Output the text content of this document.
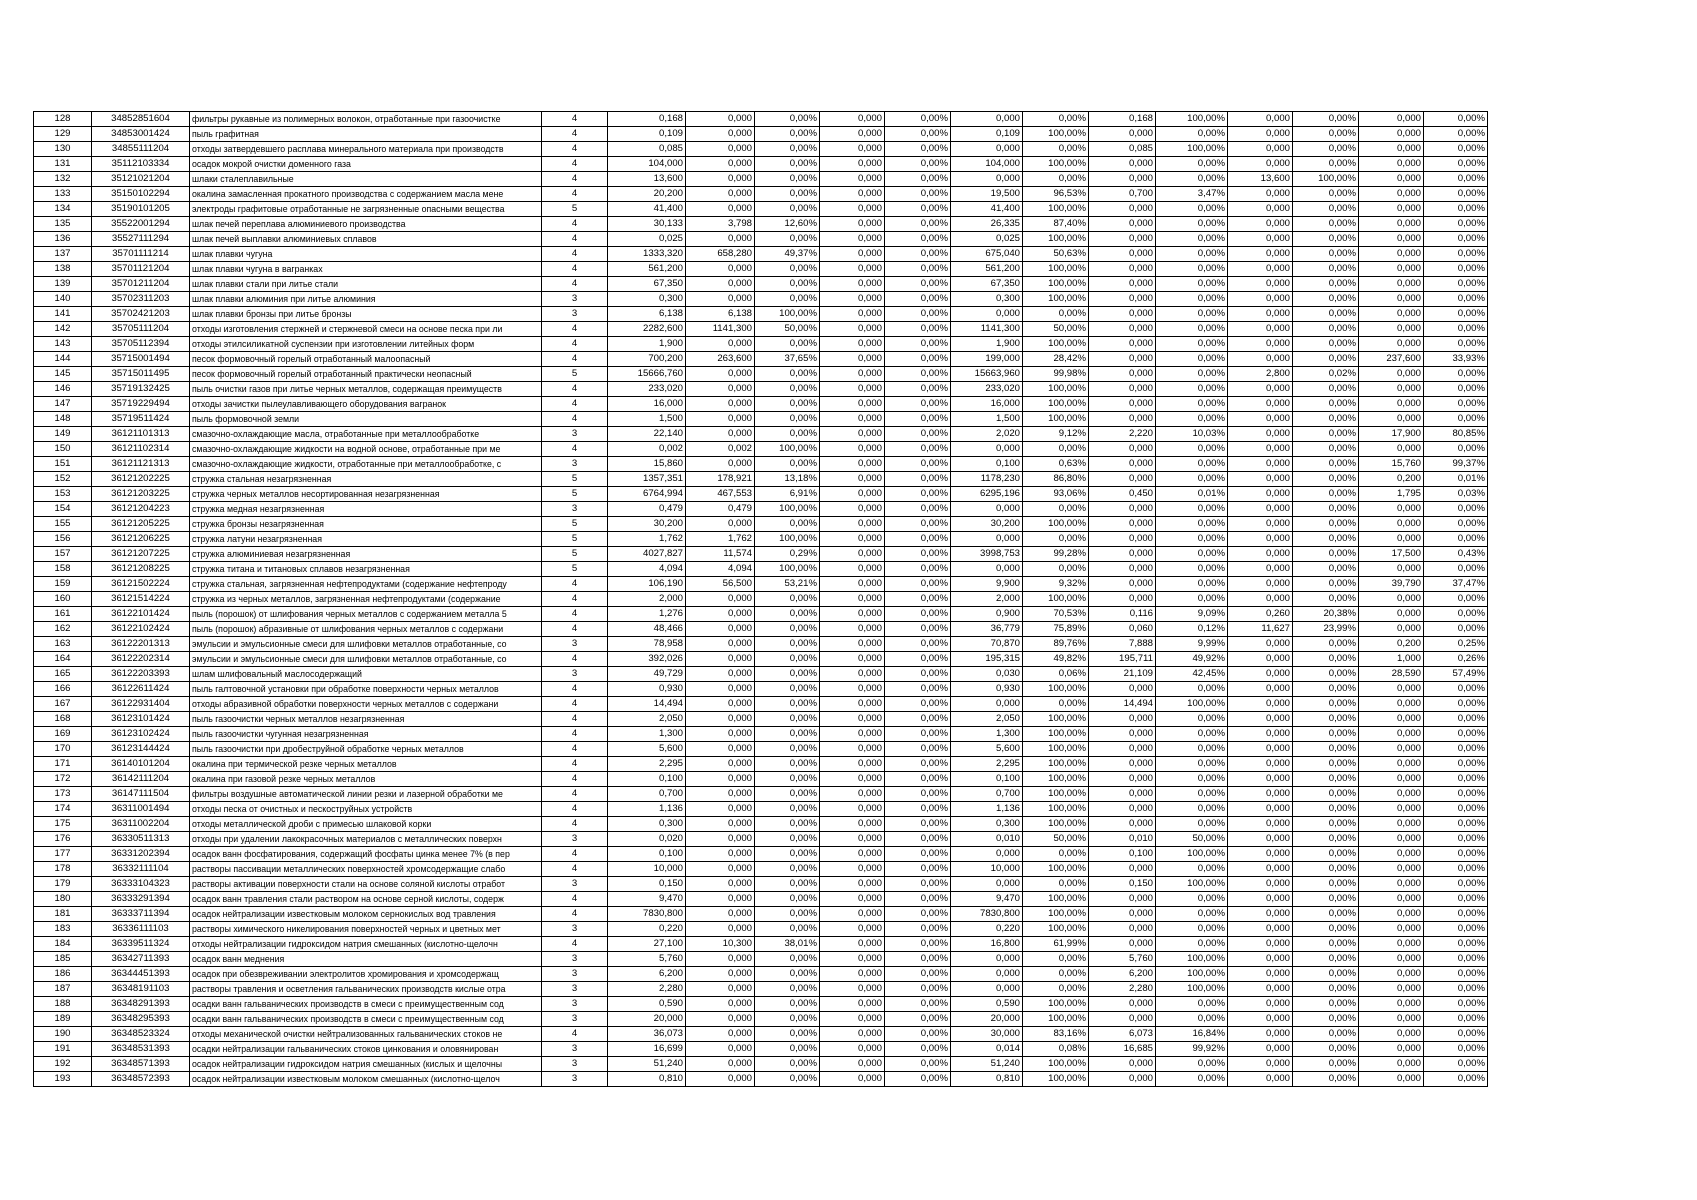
128	34852851604	фильтры рукавные из полимерных волокон, отработанные при газоочистке	4	0,168	0,000	0,00%	0,000	0,00%	0,000	0,00%	0,168	100,00%	0,000	0,00%	0,000	0,00%
129	34853001424	пыль графитная	4	0,109	0,000	0,00%	0,000	0,00%	0,109	100,00%	0,000	0,00%	0,000	0,00%	0,000	0,00%
130	34855111204	отходы затвердевшего расплава минерального материала при производств	4	0,085	0,000	0,00%	0,000	0,00%	0,000	0,00%	0,085	100,00%	0,000	0,00%	0,000	0,00%
131	35112103334	осадок мокрой очистки доменного газа	4	104,000	0,000	0,00%	0,000	0,00%	104,000	100,00%	0,000	0,00%	0,000	0,00%	0,000	0,00%
132	35121021204	шлаки сталеплавильные	4	13,600	0,000	0,00%	0,000	0,00%	0,000	0,00%	0,000	0,00%	13,600	100,00%	0,000	0,00%
133	35150102294	окалина замасленная прокатного производства с содержанием масла мене	4	20,200	0,000	0,00%	0,000	0,00%	19,500	96,53%	0,700	3,47%	0,000	0,00%	0,000	0,00%
134	35190101205	электроды графитовые отработанные не загрязненные опасными вещества	5	41,400	0,000	0,00%	0,000	0,00%	41,400	100,00%	0,000	0,00%	0,000	0,00%	0,000	0,00%
135	35522001294	шлак печей переплава алюминиевого производства	4	30,133	3,798	12,60%	0,000	0,00%	26,335	87,40%	0,000	0,00%	0,000	0,00%	0,000	0,00%
136	35527111294	шлак печей выплавки алюминиевых сплавов	4	0,025	0,000	0,00%	0,000	0,00%	0,025	100,00%	0,000	0,00%	0,000	0,00%	0,000	0,00%
137	35701111214	шлак плавки чугуна	4	1333,320	658,280	49,37%	0,000	0,00%	675,040	50,63%	0,000	0,00%	0,000	0,00%	0,000	0,00%
138	35701121204	шлак плавки чугуна в вагранках	4	561,200	0,000	0,00%	0,000	0,00%	561,200	100,00%	0,000	0,00%	0,000	0,00%	0,000	0,00%
139	35701211204	шлак плавки стали при литье стали	4	67,350	0,000	0,00%	0,000	0,00%	67,350	100,00%	0,000	0,00%	0,000	0,00%	0,000	0,00%
140	35702311203	шлак плавки алюминия при литье алюминия	3	0,300	0,000	0,00%	0,000	0,00%	0,300	100,00%	0,000	0,00%	0,000	0,00%	0,000	0,00%
141	35702421203	шлак плавки бронзы при литье бронзы	3	6,138	6,138	100,00%	0,000	0,00%	0,000	0,00%	0,000	0,00%	0,000	0,00%	0,000	0,00%
142	35705111204	отходы изготовления стержней и стержневой смеси на основе песка при ли	4	2282,600	1141,300	50,00%	0,000	0,00%	1141,300	50,00%	0,000	0,00%	0,000	0,00%	0,000	0,00%
143	35705112394	отходы этилсиликатной суспензии при изготовлении литейных форм	4	1,900	0,000	0,00%	0,000	0,00%	1,900	100,00%	0,000	0,00%	0,000	0,00%	0,000	0,00%
144	35715001494	песок формовочный горелый отработанный малоопасный	4	700,200	263,600	37,65%	0,000	0,00%	199,000	28,42%	0,000	0,00%	0,000	0,00%	237,600	33,93%
145	35715011495	песок формовочный горелый отработанный практически неопасный	5	15666,760	0,000	0,00%	0,000	0,00%	15663,960	99,98%	0,000	0,00%	2,800	0,02%	0,000	0,00%
146	35719132425	пыль очистки газов при литье черных металлов, содержащая преимуществ	4	233,020	0,000	0,00%	0,000	0,00%	233,020	100,00%	0,000	0,00%	0,000	0,00%	0,000	0,00%
147	35719229494	отходы зачистки пылеулавливающего оборудования вагранок	4	16,000	0,000	0,00%	0,000	0,00%	16,000	100,00%	0,000	0,00%	0,000	0,00%	0,000	0,00%
148	35719511424	пыль формовочной земли	4	1,500	0,000	0,00%	0,000	0,00%	1,500	100,00%	0,000	0,00%	0,000	0,00%	0,000	0,00%
149	36121101313	смазочно-охлаждающие масла, отработанные при металлообработке	3	22,140	0,000	0,00%	0,000	0,00%	2,020	9,12%	2,220	10,03%	0,000	0,00%	17,900	80,85%
150	36121102314	смазочно-охлаждающие жидкости на водной основе, отработанные при ме	4	0,002	0,002	100,00%	0,000	0,00%	0,000	0,00%	0,000	0,00%	0,000	0,00%	0,000	0,00%
151	36121121313	смазочно-охлаждающие жидкости, отработанные при металлообработке, с	3	15,860	0,000	0,00%	0,000	0,00%	0,100	0,63%	0,000	0,00%	0,000	0,00%	15,760	99,37%
152	36121202225	стружка стальная незагрязненная	5	1357,351	178,921	13,18%	0,000	0,00%	1178,230	86,80%	0,000	0,00%	0,000	0,00%	0,200	0,01%
153	36121203225	стружка черных металлов несортированная незагрязненная	5	6764,994	467,553	6,91%	0,000	0,00%	6295,196	93,06%	0,450	0,01%	0,000	0,00%	1,795	0,03%
154	36121204223	стружка медная незагрязненная	3	0,479	0,479	100,00%	0,000	0,00%	0,000	0,00%	0,000	0,00%	0,000	0,00%	0,000	0,00%
155	36121205225	стружка бронзы незагрязненная	5	30,200	0,000	0,00%	0,000	0,00%	30,200	100,00%	0,000	0,00%	0,000	0,00%	0,000	0,00%
156	36121206225	стружка латуни незагрязненная	5	1,762	1,762	100,00%	0,000	0,00%	0,000	0,00%	0,000	0,00%	0,000	0,00%	0,000	0,00%
157	36121207225	стружка алюминиевая незагрязненная	5	4027,827	11,574	0,29%	0,000	0,00%	3998,753	99,28%	0,000	0,00%	0,000	0,00%	17,500	0,43%
158	36121208225	стружка титана и титановых сплавов незагрязненная	5	4,094	4,094	100,00%	0,000	0,00%	0,000	0,00%	0,000	0,00%	0,000	0,00%	0,000	0,00%
159	36121502224	стружка стальная, загрязненная нефтепродуктами (содержание нефтепроду	4	106,190	56,500	53,21%	0,000	0,00%	9,900	9,32%	0,000	0,00%	0,000	0,00%	39,790	37,47%
160	36121514224	стружка из черных металлов, загрязненная нефтепродуктами (содержание	4	2,000	0,000	0,00%	0,000	0,00%	2,000	100,00%	0,000	0,00%	0,000	0,00%	0,000	0,00%
161	36122101424	пыль (порошок) от шлифования черных металлов с содержанием металла 5	4	1,276	0,000	0,00%	0,000	0,00%	0,900	70,53%	0,116	9,09%	0,260	20,38%	0,000	0,00%
162	36122102424	пыль (порошок) абразивные от шлифования черных металлов с содержани	4	48,466	0,000	0,00%	0,000	0,00%	36,779	75,89%	0,060	0,12%	11,627	23,99%	0,000	0,00%
163	36122201313	эмульсии и эмульсионные смеси для шлифовки металлов отработанные, со	3	78,958	0,000	0,00%	0,000	0,00%	70,870	89,76%	7,888	9,99%	0,000	0,00%	0,200	0,25%
164	36122202314	эмульсии и эмульсионные смеси для шлифовки металлов отработанные, со	4	392,026	0,000	0,00%	0,000	0,00%	195,315	49,82%	195,711	49,92%	0,000	0,00%	1,000	0,26%
165	36122203393	шлам шлифовальный маслосодержащий	3	49,729	0,000	0,00%	0,000	0,00%	0,030	0,06%	21,109	42,45%	0,000	0,00%	28,590	57,49%
166	36122611424	пыль галтовочной установки при обработке поверхности черных металлов	4	0,930	0,000	0,00%	0,000	0,00%	0,930	100,00%	0,000	0,00%	0,000	0,00%	0,000	0,00%
167	36122931404	отходы абразивной обработки поверхности черных металлов с содержани	4	14,494	0,000	0,00%	0,000	0,00%	0,000	0,00%	14,494	100,00%	0,000	0,00%	0,000	0,00%
168	36123101424	пыль газоочистки черных металлов незагрязненная	4	2,050	0,000	0,00%	0,000	0,00%	2,050	100,00%	0,000	0,00%	0,000	0,00%	0,000	0,00%
169	36123102424	пыль газоочистки чугунная незагрязненная	4	1,300	0,000	0,00%	0,000	0,00%	1,300	100,00%	0,000	0,00%	0,000	0,00%	0,000	0,00%
170	36123144424	пыль газоочистки при дробеструйной обработке черных металлов	4	5,600	0,000	0,00%	0,000	0,00%	5,600	100,00%	0,000	0,00%	0,000	0,00%	0,000	0,00%
171	36140101204	окалина при термической резке черных металлов	4	2,295	0,000	0,00%	0,000	0,00%	2,295	100,00%	0,000	0,00%	0,000	0,00%	0,000	0,00%
172	36142111204	окалина при газовой резке черных металлов	4	0,100	0,000	0,00%	0,000	0,00%	0,100	100,00%	0,000	0,00%	0,000	0,00%	0,000	0,00%
173	36147111504	фильтры воздушные автоматической линии резки и лазерной обработки ме	4	0,700	0,000	0,00%	0,000	0,00%	0,700	100,00%	0,000	0,00%	0,000	0,00%	0,000	0,00%
174	36311001494	отходы песка от очистных и пескоструйных устройств	4	1,136	0,000	0,00%	0,000	0,00%	1,136	100,00%	0,000	0,00%	0,000	0,00%	0,000	0,00%
175	36311002204	отходы металлической дроби с примесью шлаковой корки	4	0,300	0,000	0,00%	0,000	0,00%	0,300	100,00%	0,000	0,00%	0,000	0,00%	0,000	0,00%
176	36330511313	отходы при удалении лакокрасочных материалов с металлических поверхн	3	0,020	0,000	0,00%	0,000	0,00%	0,010	50,00%	0,010	50,00%	0,000	0,00%	0,000	0,00%
177	36331202394	осадок ванн фосфатирования, содержащий фосфаты цинка менее 7% (в пер	4	0,100	0,000	0,00%	0,000	0,00%	0,000	0,00%	0,100	100,00%	0,000	0,00%	0,000	0,00%
178	36332111104	растворы пассивации металлических поверхностей хромсодержащие слабо	4	10,000	0,000	0,00%	0,000	0,00%	10,000	100,00%	0,000	0,00%	0,000	0,00%	0,000	0,00%
179	36333104323	растворы активации поверхности стали на основе соляной кислоты отработ	3	0,150	0,000	0,00%	0,000	0,00%	0,000	0,00%	0,150	100,00%	0,000	0,00%	0,000	0,00%
180	36333291394	осадок ванн травления стали раствором на основе серной кислоты, содерж	4	9,470	0,000	0,00%	0,000	0,00%	9,470	100,00%	0,000	0,00%	0,000	0,00%	0,000	0,00%
181	36333711394	осадок нейтрализации известковым молоком сернокислых вод травления	4	7830,800	0,000	0,00%	0,000	0,00%	7830,800	100,00%	0,000	0,00%	0,000	0,00%	0,000	0,00%
183	36336111103	растворы химического никелирования поверхностей черных и цветных мет	3	0,220	0,000	0,00%	0,000	0,00%	0,220	100,00%	0,000	0,00%	0,000	0,00%	0,000	0,00%
184	36339511324	отходы нейтрализации гидроксидом натрия смешанных (кислотно-щелочн	4	27,100	10,300	38,01%	0,000	0,00%	16,800	61,99%	0,000	0,00%	0,000	0,00%	0,000	0,00%
185	36342711393	осадок ванн меднения	3	5,760	0,000	0,00%	0,000	0,00%	0,000	0,00%	5,760	100,00%	0,000	0,00%	0,000	0,00%
186	36344451393	осадок при обезвреживании электролитов хромирования и хромсодержащ	3	6,200	0,000	0,00%	0,000	0,00%	0,000	0,00%	6,200	100,00%	0,000	0,00%	0,000	0,00%
187	36348191103	растворы травления и осветления гальванических производств кислые отра	3	2,280	0,000	0,00%	0,000	0,00%	0,000	0,00%	2,280	100,00%	0,000	0,00%	0,000	0,00%
188	36348291393	осадки ванн гальванических производств в смеси с преимущественным сод	3	0,590	0,000	0,00%	0,000	0,00%	0,590	100,00%	0,000	0,00%	0,000	0,00%	0,000	0,00%
189	36348295393	осадки ванн гальванических производств в смеси с преимущественным сод	3	20,000	0,000	0,00%	0,000	0,00%	20,000	100,00%	0,000	0,00%	0,000	0,00%	0,000	0,00%
190	36348523324	отходы механической очистки нейтрализованных гальванических стоков не	4	36,073	0,000	0,00%	0,000	0,00%	30,000	83,16%	6,073	16,84%	0,000	0,00%	0,000	0,00%
191	36348531393	осадки нейтрализации гальванических стоков цинкования и оловянирован	3	16,699	0,000	0,00%	0,000	0,00%	0,014	0,08%	16,685	99,92%	0,000	0,00%	0,000	0,00%
192	36348571393	осадок нейтрализации гидроксидом натрия смешанных (кислых и щелочны	3	51,240	0,000	0,00%	0,000	0,00%	51,240	100,00%	0,000	0,00%	0,000	0,00%	0,000	0,00%
193	36348572393	осадок нейтрализации известковым молоком смешанных (кислотно-щелоч	3	0,810	0,000	0,00%	0,000	0,00%	0,810	100,00%	0,000	0,00%	0,000	0,00%	0,000	0,00%
